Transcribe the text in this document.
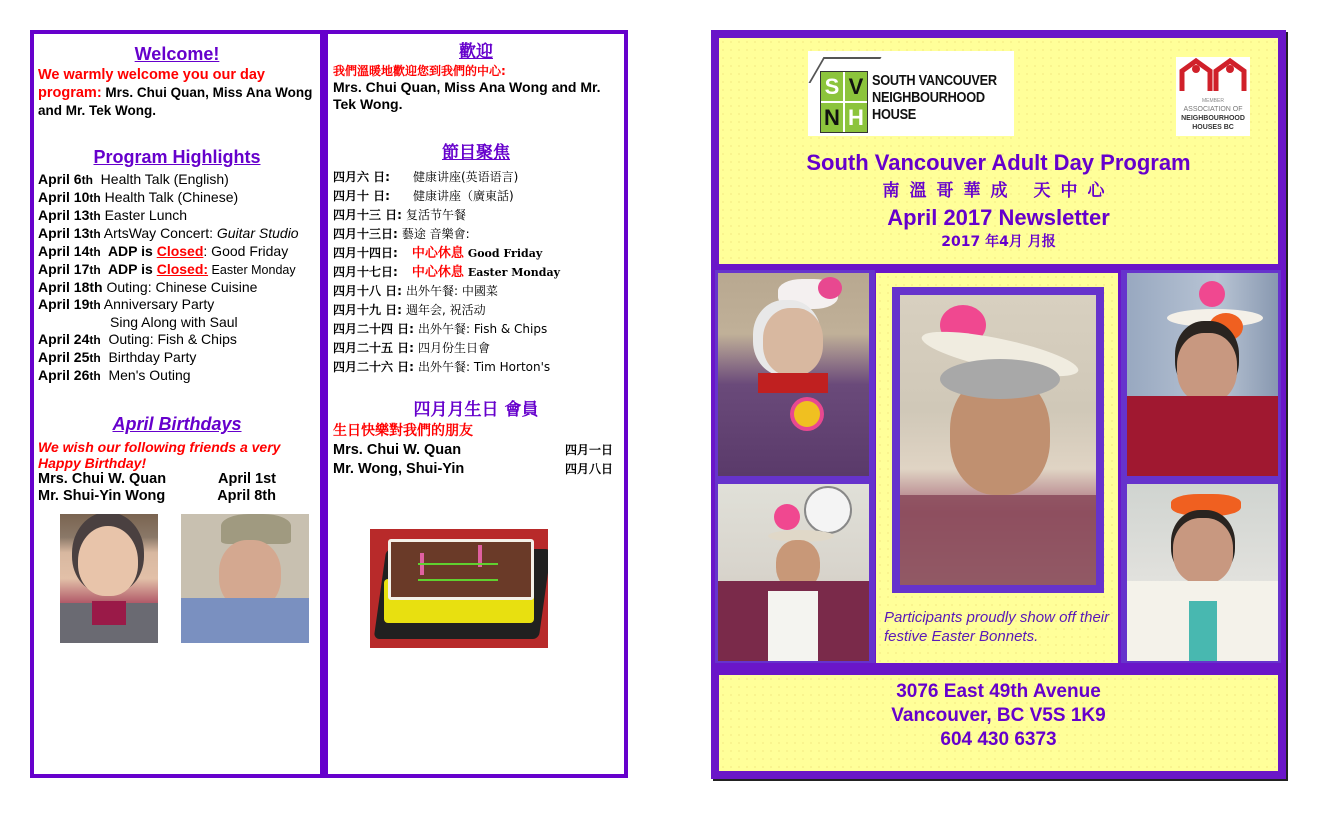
Welcome!
We warmly welcome you our day program: Mrs. Chui Quan, Miss Ana Wong and Mr. Tek Wong.
Program Highlights
April 6th  Health Talk (English)
April 10th Health Talk (Chinese)
April 13th Easter Lunch
April 13th ArtsWay Concert: Guitar Studio
April 14th  ADP is Closed: Good Friday
April 17th  ADP is Closed: Easter Monday
April 18th Outing: Chinese Cuisine
April 19th Anniversary Party
Sing Along with Saul
April 24th  Outing: Fish & Chips
April 25th  Birthday Party
April 26th  Men's Outing
April Birthdays
We wish our following friends a very Happy Birthday!
Mrs. Chui W. Quan	April 1st
Mr. Shui-Yin Wong	April 8th
歡迎
我們溫暖地歡迎您到我們的中心:
Mrs. Chui Quan, Miss Ana Wong and Mr. Tek Wong.
節目聚焦
四月六 日: 健康讲座(英语语言)
四月十 日: 健康讲座（廣東話)
四月十三 日: 复活节午餐
四月十三日: 藝途 音樂會:
四月十四日: 中心休息 Good Friday
四月十七日: 中心休息 Easter Monday
四月十八 日: 出外午餐: 中國菜
四月十九 日: 週年会, 祝活动
四月二十四 日: 出外午餐: Fish & Chips
四月二十五 日: 四月份生日會
四月二十六 日: 出外午餐: Tim Horton's
四月月生日 會員
生日快樂對我們的朋友
Mrs. Chui W. Quan	四月一日
Mr. Wong, Shui-Yin	四月八日
S V
N H
SOUTH VANCOUVER
NEIGHBOURHOOD
HOUSE
MEMBER
ASSOCIATION OF
NEIGHBOURHOOD
HOUSES BC
South Vancouver Adult Day Program
南溫哥華成 天中心
April 2017 Newsletter
2017 年4月 月报
Participants proudly show off their festive Easter Bonnets.
3076 East 49th Avenue
Vancouver, BC V5S 1K9
604 430 6373
